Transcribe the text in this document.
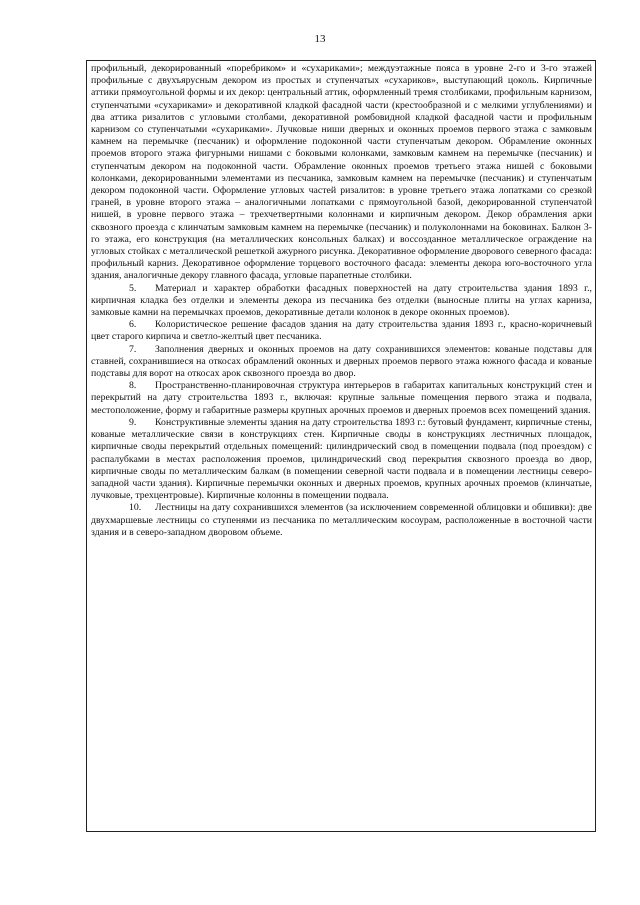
13

профильный, декорированный «поребриком» и «сухариками»; междуэтажные пояса в уровне 2-го и 3-го этажей профильные с двухъярусным декором из простых и ступенчатых «сухариков», выступающий цоколь. Кирпичные аттики прямоугольной формы и их декор: центральный аттик, оформленный тремя столбиками, профильным карнизом, ступенчатыми «сухариками» и декоративной кладкой фасадной части (крестообразной и с мелкими углублениями) и два аттика ризалитов с угловыми столбами, декоративной ромбовидной кладкой фасадной части и профильным карнизом со ступенчатыми «сухариками». Лучковые ниши дверных и оконных проемов первого этажа с замковым камнем на перемычке (песчаник) и оформление подоконной части ступенчатым декором. Обрамление оконных проемов второго этажа фигурными нишами с боковыми колонками, замковым камнем на перемычке (песчаник) и ступенчатым декором на подоконной части. Обрамление оконных проемов третьего этажа нишей с боковыми колонками, декорированными элементами из песчаника, замковым камнем на перемычке (песчаник) и ступенчатым декором подоконной части. Оформление угловых частей ризалитов: в уровне третьего этажа лопатками со срезкой граней, в уровне второго этажа – аналогичными лопатками с прямоугольной базой, декорированной ступенчатой нишей, в уровне первого этажа – трехчетвертными колоннами и кирпичным декором. Декор обрамления арки сквозного проезда с клинчатым замковым камнем на перемычке (песчаник) и полуколоннами на боковинах. Балкон 3-го этажа, его конструкция (на металлических консольных балках) и воссозданное металлическое ограждение на угловых стойках с металлической решеткой ажурного рисунка. Декоративное оформление дворового северного фасада: профильный карниз. Декоративное оформление торцевого восточного фасада: элементы декора юго-восточного угла здания, аналогичные декору главного фасада, угловые парапетные столбики.

5. Материал и характер обработки фасадных поверхностей на дату строительства здания 1893 г., кирпичная кладка без отделки и элементы декора из песчаника без отделки (выносные плиты на углах карниза, замковые камни на перемычках проемов, декоративные детали колонок в декоре оконных проемов).

6. Колористическое решение фасадов здания на дату строительства здания 1893 г., красно-коричневый цвет старого кирпича и светло-желтый цвет песчаника.

7. Заполнения дверных и оконных проемов на дату сохранившихся элементов: кованые подставы для ставней, сохранившиеся на откосах обрамлений оконных и дверных проемов первого этажа южного фасада и кованые подставы для ворот на откосах арок сквозного проезда во двор.

8. Пространственно-планировочная структура интерьеров в габаритах капитальных конструкций стен и перекрытий на дату строительства 1893 г., включая: крупные зальные помещения первого этажа и подвала, местоположение, форму и габаритные размеры крупных арочных проемов и дверных проемов всех помещений здания.

9. Конструктивные элементы здания на дату строительства 1893 г.: бутовый фундамент, кирпичные стены, кованые металлические связи в конструкциях стен. Кирпичные своды в конструкциях лестничных площадок, кирпичные своды перекрытий отдельных помещений: цилиндрический свод в помещении подвала (под проездом) с распалубками в местах расположения проемов, цилиндрический свод перекрытия сквозного проезда во двор, кирпичные своды по металлическим балкам (в помещении северной части подвала и в помещении лестницы северо-западной части здания). Кирпичные перемычки оконных и дверных проемов, крупных арочных проемов (клинчатые, лучковые, трехцентровые). Кирпичные колонны в помещении подвала.

10. Лестницы на дату сохранившихся элементов (за исключением современной облицовки и обшивки): две двухмаршевые лестницы со ступенями из песчаника по металлическим косоурам, расположенные в восточной части здания и в северо-западном дворовом объеме.
